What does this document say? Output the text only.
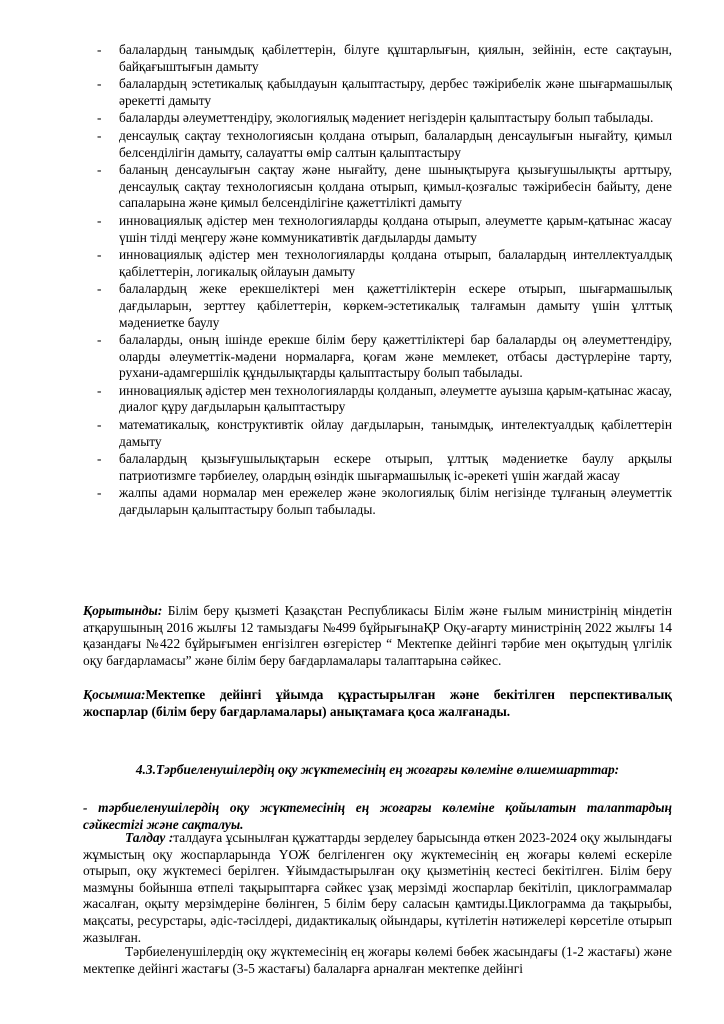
- балалардың танымдық қабілеттерін, білуге құштарлығын, қиялын, зейінін, есте сақтауын, байқағыштығын дамыту
- балалардың эстетикалық қабылдауын қалыптастыру, дербес тәжірибелік және шығармашылық әрекетті дамыту
- балаларды әлеуметтендіру, экологиялық мәдениет негіздерін қалыптастыру болып табылады.
- денсаулық сақтау технологиясын қолдана отырып, балалардың денсаулығын нығайту, қимыл белсенділігін дамыту, салауатты өмір салтын қалыптастыру
- баланың денсаулығын сақтау және нығайту, дене шынықтыруға қызығушылықты арттыру, денсаулық сақтау технологиясын қолдана отырып, қимыл-қозғалыс тәжірибесін байыту, дене сапаларына және қимыл белсенділігіне қажеттілікті дамыту
- инновациялық әдістер мен технологияларды қолдана отырып, әлеуметте қарым-қатынас жасау үшін тілді меңгеру және коммуникативтік дағдыларды дамыту
- инновациялық әдістер мен технологияларды қолдана отырып, балалардың интеллектуалдық қабілеттерін, логикалық ойлауын дамыту
- балалардың жеке ерекшеліктері мен қажеттіліктерін ескере отырып, шығармашылық дағдыларын, зерттеу қабілеттерін, көркем-эстетикалық талғамын дамыту үшін ұлттық мәдениетке баулу
- балаларды, оның ішінде ерекше білім беру қажеттіліктері бар балаларды оң әлеуметтендіру, оларды әлеуметтік-мәдени нормаларға, қоғам және мемлекет, отбасы дәстүрлеріне тарту, рухани-адамгершілік құндылықтарды қалыптастыру болып табылады.
- инновациялық әдістер мен технологияларды қолданып, әлеуметте ауызша қарым-қатынас жасау, диалог құру дағдыларын қалыптастыру
- математикалық, конструктивтік ойлау дағдыларын, танымдық, интелектуалдық қабілеттерін дамыту
- балалардың қызығушылықтарын ескере отырып, ұлттық мәдениетке баулу арқылы патриотизмге тәрбиелеу, олардың өзіндік шығармашылық іс-әрекеті үшін жағдай жасау
- жалпы адами нормалар мен ережелер және экологиялық білім негізінде тұлғаның әлеуметтік дағдыларын қалыптастыру болып табылады.

Қорытынды: Білім беру қызметі Қазақстан Республикасы Білім және ғылым министрінің міндетін атқарушының 2016 жылғы 12 тамыздағы №499 бұйрығынаҚР Оқу-ағарту министрінің 2022 жылғы 14 қазандағы №422 бұйрығымен енгізілген өзгерістер “ Мектепке дейінгі тәрбие мен оқытудың үлгілік оқу бағдарламасы” және білім беру бағдарламалары талаптарына сәйкес.

Қосымша:Мектепке дейінгі ұйымда құрастырылған және бекітілген перспективалық жоспарлар (білім беру бағдарламалары) анықтамаға қоса жалғанады.

4.3.Тәрбиеленушілердің оқу жүктемесінің ең жоғарғы көлеміне өлшемшарттар:

- тәрбиеленушілердің оқу жүктемесінің ең жоғарғы көлеміне қойылатын талаптардың сәйкестігі және сақталуы.

Талдау :талдауға ұсынылған құжаттарды зерделеу барысында өткен 2023-2024 оқу жылындағы жұмыстың оқу жоспарларында ҮОЖ белгіленген оқу жүктемесінің ең жоғары көлемі ескеріле отырып, оқу жүктемесі берілген. Ұйымдастырылған оқу қызметінің кестесі бекітілген. Білім беру мазмұны бойынша өтпелі тақырыптарға сәйкес ұзақ мерзімді жоспарлар бекітіліп, циклограммалар жасалған, оқыту мерзімдеріне бөлінген, 5 білім беру саласын қамтиды.Циклограмма да тақырыбы, мақсаты, ресурстары, әдіс-тәсілдері, дидактикалық ойындары, күтілетін нәтижелері көрсетіле отырып жазылған.

Тәрбиеленушілердің оқу жүктемесінің ең жоғары көлемі бөбек жасындағы (1-2 жастағы) және мектепке дейінгі жастағы (3-5 жастағы) балаларға арналған мектепке дейінгі
